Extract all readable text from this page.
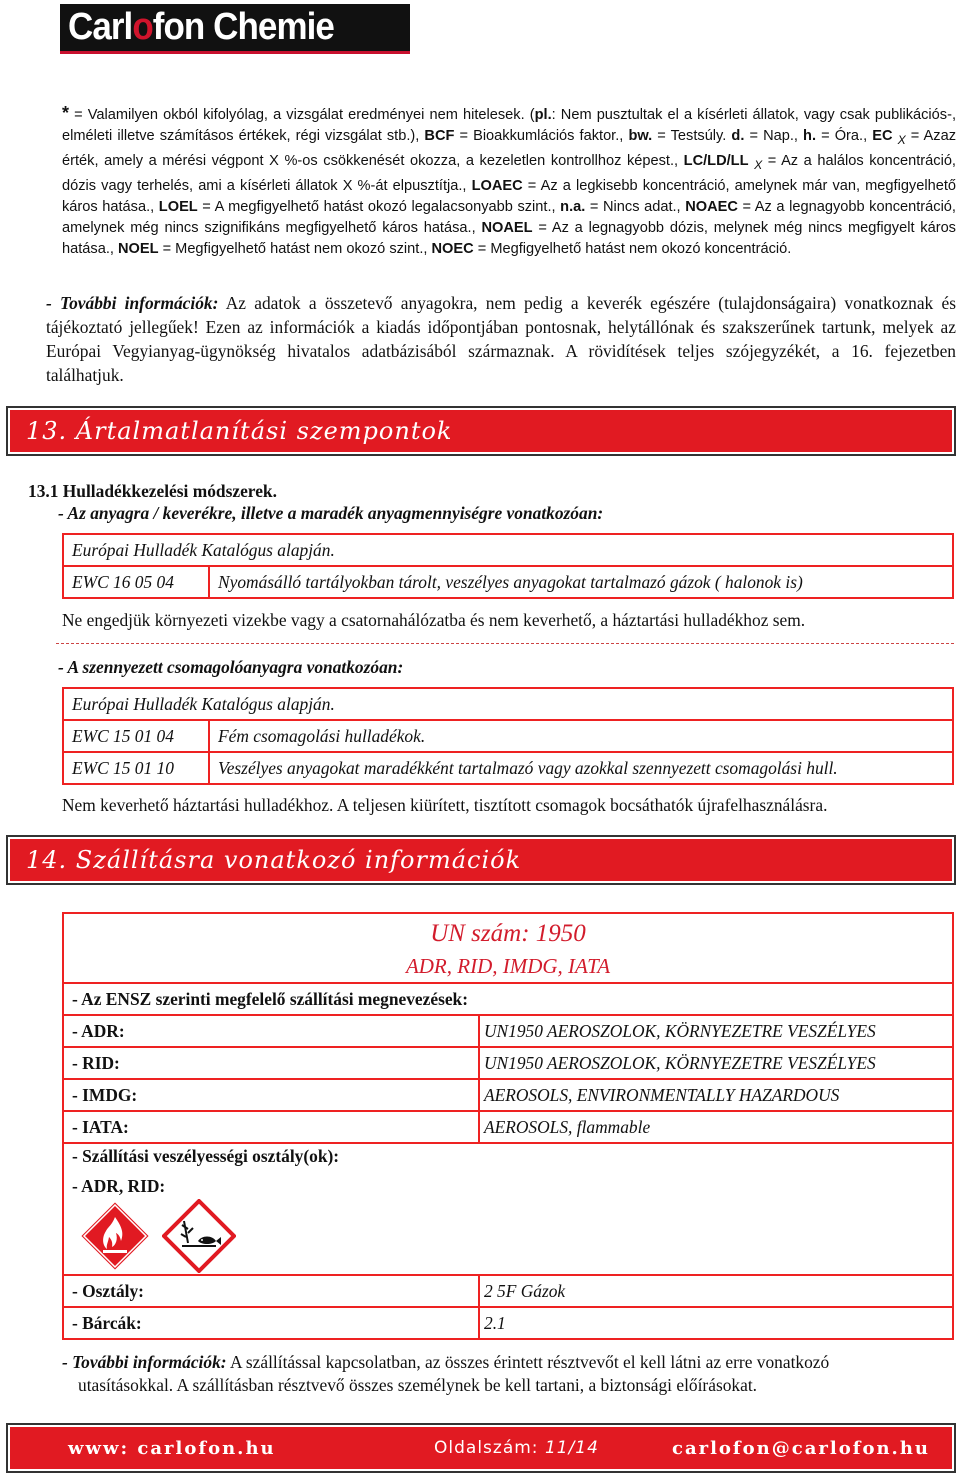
Carlofon Chemie
* = Valamilyen okból kifolyólag, a vizsgálat eredményei nem hitelesek. (pl.: Nem pusztultak el a kísérleti állatok, vagy csak publikációs-, elméleti illetve számításos értékek, régi vizsgálat stb.), BCF = Bioakkumlációs faktor., bw. = Testsúly. d. = Nap., h. = Óra., EC $_X$ = Azaz érték, amely a mérési végpont X %-os csökkenését okozza, a kezeletlen kontrollhoz képest., LC/LD/LL $_X$ = Az a halálos koncentráció, dózis vagy terhelés, ami a kísérleti állatok X %-át elpusztítja., LOAEC = Az a legkisebb koncentráció, amelynek már van, megfigyelhető káros hatása., LOEL = A megfigyelhető hatást okozó legalacsonyabb szint., n.a. = Nincs adat., NOAEC = Az a legnagyobb koncentráció, amelynek még nincs szignifikáns megfigyelhető káros hatása., NOAEL = Az a legnagyobb dózis, melynek még nincs megfigyelt káros hatása., NOEL = Megfigyelhető hatást nem okozó szint., NOEC = Megfigyelhető hatást nem okozó koncentráció.
- További információk: Az adatok a összetevő anyagokra, nem pedig a keverék egészére (tulajdonságaira) vonatkoznak és tájékoztató jellegűek! Ezen az információk a kiadás időpontjában pontosnak, helytállónak és szakszerűnek tartunk, melyek az Európai Vegyianyag-ügynökség hivatalos adatbázisából származnak. A rövidítések teljes szójegyzékét, a 16. fejezetben találhatjuk.
13. Ártalmatlanítási szempontok
13.1 Hulladékkezelési módszerek.
- Az anyagra / keverékre, illetve a maradék anyagmennyiségre vonatkozóan:
Európai Hulladék Katalógus alapján.
EWC 16 05 04	Nyomásálló tartályokban tárolt, veszélyes anyagokat tartalmazó gázok ( halonok is)
Ne engedjük környezeti vizekbe vagy a csatornahálózatba és nem keverhető, a háztartási hulladékhoz sem.
- A szennyezett csomagolóanyagra vonatkozóan:
Európai Hulladék Katalógus alapján.	
EWC 15 01 04	Fém csomagolási hulladékok.
EWC 15 01 10	Veszélyes anyagokat maradékként tartalmazó vagy azokkal szennyezett csomagolási hull.
Nem keverhető háztartási hulladékhoz. A teljesen kiürített, tisztított csomagok bocsáthatók újrafelhasználásra.
14. Szállításra vonatkozó információk
UN szám: 1950
ADR, RID, IMDG, IATA
- Az ENSZ szerinti megfelelő szállítási megnevezések:
- ADR:	UN1950 AEROSZOLOK, KÖRNYEZETRE VESZÉLYES
- RID:	UN1950 AEROSZOLOK, KÖRNYEZETRE VESZÉLYES
- IMDG:	AEROSOLS, ENVIRONMENTALLY HAZARDOUS
- IATA:	AEROSOLS, flammable
- Szállítási veszélyességi osztály(ok):
- ADR, RID:
- Osztály:	2 5F Gázok
- Bárcák:	2.1
- További információk: A szállítással kapcsolatban, az összes érintett résztvevőt el kell látni az erre vonatkozó
utasításokkal. A szállításban résztvevő összes személynek be kell tartani, a biztonsági előírásokat.
www: carlofon.hu	Oldalszám: 11/14	carlofon@carlofon.hu
